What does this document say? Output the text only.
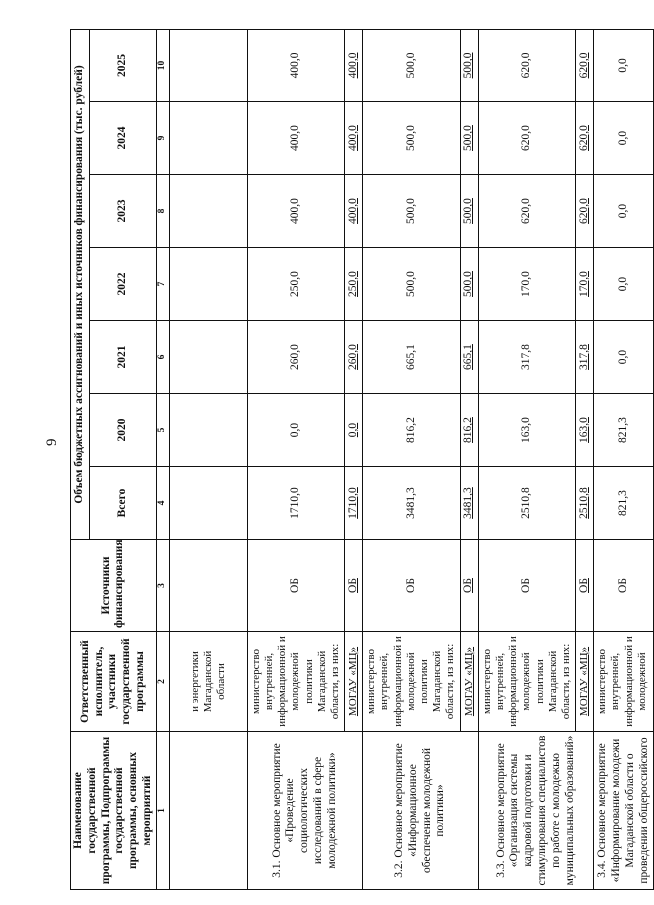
9
Наименование государственной программы, Подпрограммы государственной программы, основных мероприятий	Ответственный исполнитель, участники государственной программы	Источники финансирования	Объем бюджетных ассигнований и иных источников финансирования (тыс. рублей)						
			Всего	2020	2021	2022	2023	2024	2025
1	2	3	4	5	6	7	8	9	10
	и энергетики Магаданской области								
3.1. Основное мероприятие «Проведение социологических исследований в сфере молодежной политики»	министерство внутренней, информационной и молодежной политики Магаданской области, из них:	ОБ	1710,0	0,0	260,0	250,0	400,0	400,0	400,0
	МОГАУ «МЦ»	ОБ	1710,0	0,0	260,0	250,0	400,0	400,0	400,0
3.2. Основное мероприятие «Информационное обеспечение молодежной политики»	министерство внутренней, информационной и молодежной политики Магаданской области, из них:	ОБ	3481,3	816,2	665,1	500,0	500,0	500,0	500,0
	МОГАУ «МЦ»	ОБ	3481,3	816,2	665,1	500,0	500,0	500,0	500,0
3.3. Основное мероприятие «Организация системы кадровой подготовки и стимулирования специалистов по работе с молодежью муниципальных образований»	министерство внутренней, информационной и молодежной политики Магаданской области, из них:	ОБ	2510,8	163,0	317,8	170,0	620,0	620,0	620,0
	МОГАУ «МЦ»	ОБ	2510,8	163,0	317,8	170,0	620,0	620,0	620,0
3.4. Основное мероприятие «Информирование молодежи Магаданской области о проведении общероссийского	министерство внутренней, информационной и молодежной	ОБ	821,3	821,3	0,0	0,0	0,0	0,0	0,0
